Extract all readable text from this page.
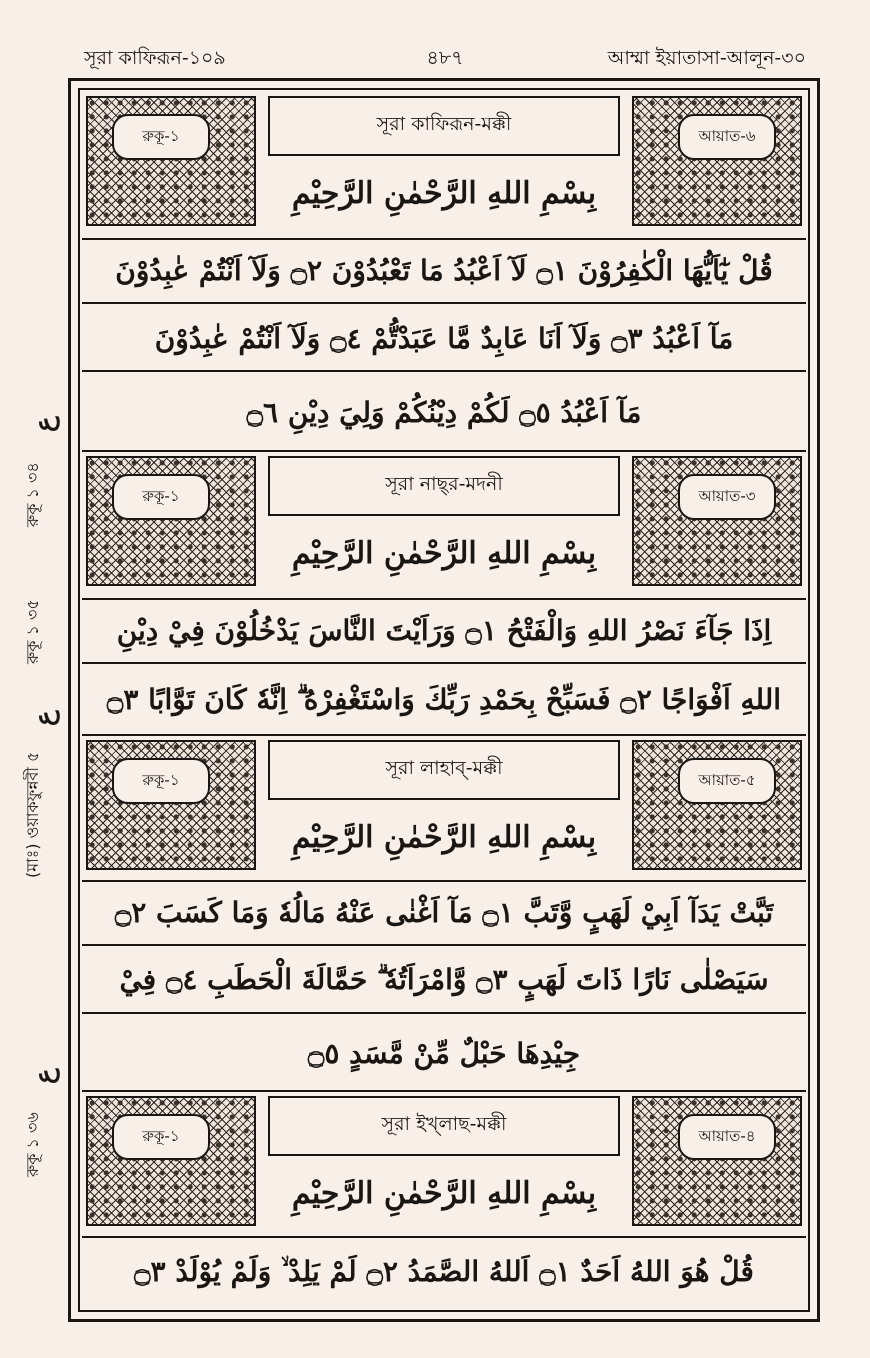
সূরা কাফিরূন-১০৯	৪৮৭	আম্মা ইয়াতাসা-আলূন-৩০
রুকূ-১	আয়াত-৬
সূরা কাফিরূন-মক্কী
بِسْمِ اللهِ الرَّحْمٰنِ الرَّحِيْمِ
قُلْ يٰٓاَيُّهَا الْكٰفِرُوْنَ ۝١ لَآ اَعْبُدُ مَا تَعْبُدُوْنَ ۝٢ وَلَآ اَنْتُمْ عٰبِدُوْنَ
مَآ اَعْبُدُ ۝٣ وَلَآ اَنَا عَابِدٌ مَّا عَبَدْتُّمْ ۝٤ وَلَآ اَنْتُمْ عٰبِدُوْنَ
مَآ اَعْبُدُ ۝٥ لَكُمْ دِيْنُكُمْ وَلِيَ دِيْنِ ۝٦
রুকূ-১	আয়াত-৩
সূরা নাছ্‌র-মদনী
بِسْمِ اللهِ الرَّحْمٰنِ الرَّحِيْمِ
اِذَا جَآءَ نَصْرُ اللهِ وَالْفَتْحُ ۝١ وَرَاَيْتَ النَّاسَ يَدْخُلُوْنَ فِيْ دِيْنِ
اللهِ اَفْوَاجًا ۝٢ فَسَبِّحْ بِحَمْدِ رَبِّكَ وَاسْتَغْفِرْهُ ۗ اِنَّهٗ كَانَ تَوَّابًا ۝٣
রুকূ-১	আয়াত-৫
সূরা লাহাব্‌-মক্কী
بِسْمِ اللهِ الرَّحْمٰنِ الرَّحِيْمِ
تَبَّتْ يَدَآ اَبِيْ لَهَبٍ وَّتَبَّ ۝١ مَآ اَغْنٰى عَنْهُ مَالُهٗ وَمَا كَسَبَ ۝٢
سَيَصْلٰى نَارًا ذَاتَ لَهَبٍ ۝٣ وَّامْرَاَتُهٗ ۗ حَمَّالَةَ الْحَطَبِ ۝٤ فِيْ
جِيْدِهَا حَبْلٌ مِّنْ مَّسَدٍ ۝٥
রুকূ-১	আয়াত-৪
সূরা ইখ্‌লাছ-মক্কী
بِسْمِ اللهِ الرَّحْمٰنِ الرَّحِيْمِ
قُلْ هُوَ اللهُ اَحَدٌ ۝١ اَللهُ الصَّمَدُ ۝٢ لَمْ يَلِدْ ۙ وَلَمْ يُوْلَدْ ۝٣
ع
রুকূ ১ ৩৪
রুকূ ১ ৩৫
ع
(মাঃ) ওয়াকফুন্নবী ৫
ع
রুকূ ১ ৩৬
